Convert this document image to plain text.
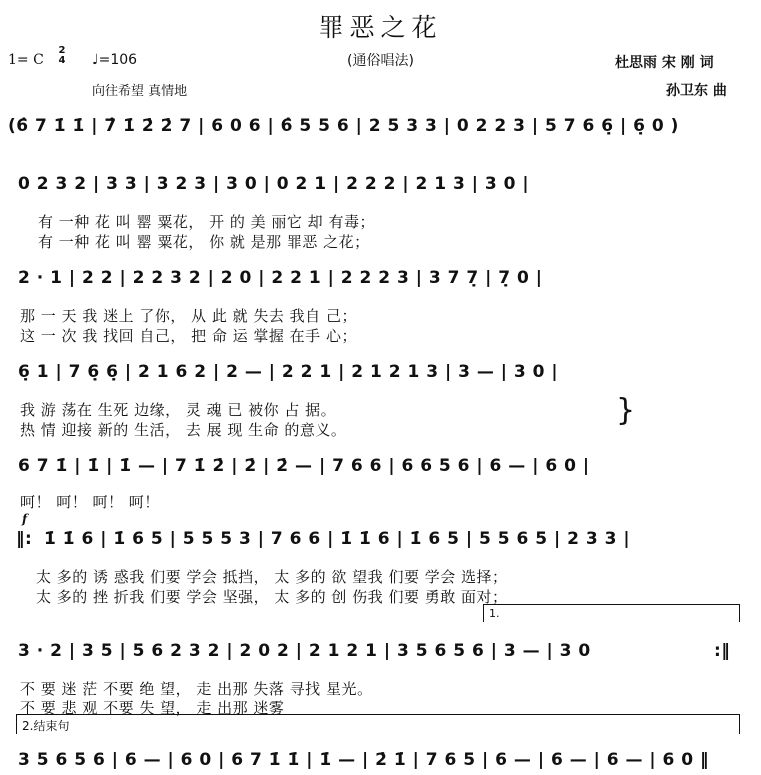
罪恶之花
(通俗唱法)
1= C
2
4 ♩=106
向往希望 真情地
杜思雨 宋 刚 词
孙卫东 曲
(6̂ 7 1̇ 1̇ | 7̂ 1̇ 2̇ 2̇ 7 | 6 0 6 | 6̂ 5 5 6 | 2 5 3 3 | 0 2 2 3 | 5 7 6 6̣ | 6̣ 0 )
0 2 3 2 | 3 3 | 3 2 3 | 3 0 | 0 2 1 | 2 2 2 | 2 1 3 | 3 0 |
有 一种 花 叫 罂 粟花， 开 的 美 丽它 却 有毒；
有 一种 花 叫 罂 粟花， 你 就 是那 罪恶 之花；
2 · 1 | 2 2 | 2 2 3 2 | 2 0 | 2 2 1 | 2 2 2 3 | 3 7 7̣ | 7̣ 0 |
那 一 天 我 迷上 了你， 从 此 就 失去 我自 己；
这 一 次 我 找回 自己， 把 命 运 掌握 在手 心；
6̣ 1 | 7 6̣ 6̣ | 2 1 6 2 | 2 — | 2 2 1 | 2 1 2 1 3 | 3 — | 3 0 |
我 游 荡在 生死 边缘， 灵 魂 已 被你 占 据。
热 情 迎接 新的 生活， 去 展 现 生命 的意义。
}
6 7 1̇ | 1̇ | 1̇ — | 7 1̇ 2̇ | 2̇ | 2̇ — | 7 6 6 | 6 6 5 6 | 6 — | 6 0 |
呵！ 呵！ 呵！ 呵！
f
‖: 1̇ 1̇ 6 | 1̇ 6 5 | 5 5 5 3 | 7 6 6 | 1̇ 1̇ 6 | 1̇ 6 5 | 5 5 6 5 | 2 3 3 |
太 多的 诱 惑我 们要 学会 抵挡， 太 多的 欲 望我 们要 学会 选择；
太 多的 挫 折我 们要 学会 坚强， 太 多的 创 伤我 们要 勇敢 面对；
1.
3 · 2 | 3 5 | 5 6 2 3 2 | 2 0 2 | 2 1 2 1 | 3 5 6 5 6 | 3 — | 3 0	:‖
不 要 迷 茫 不要 绝 望， 走 出那 失落 寻找 星光。
不 要 悲 观 不要 失 望， 走 出那 迷雾
2.结束句
3 5 6 5 6 | 6 — | 6 0 | 6 7 1̇ 1̇ | 1̇ — | 2̇ 1̇ | 7 6 5 | 6 — | 6 — | 6 — | 6 0 ‖
